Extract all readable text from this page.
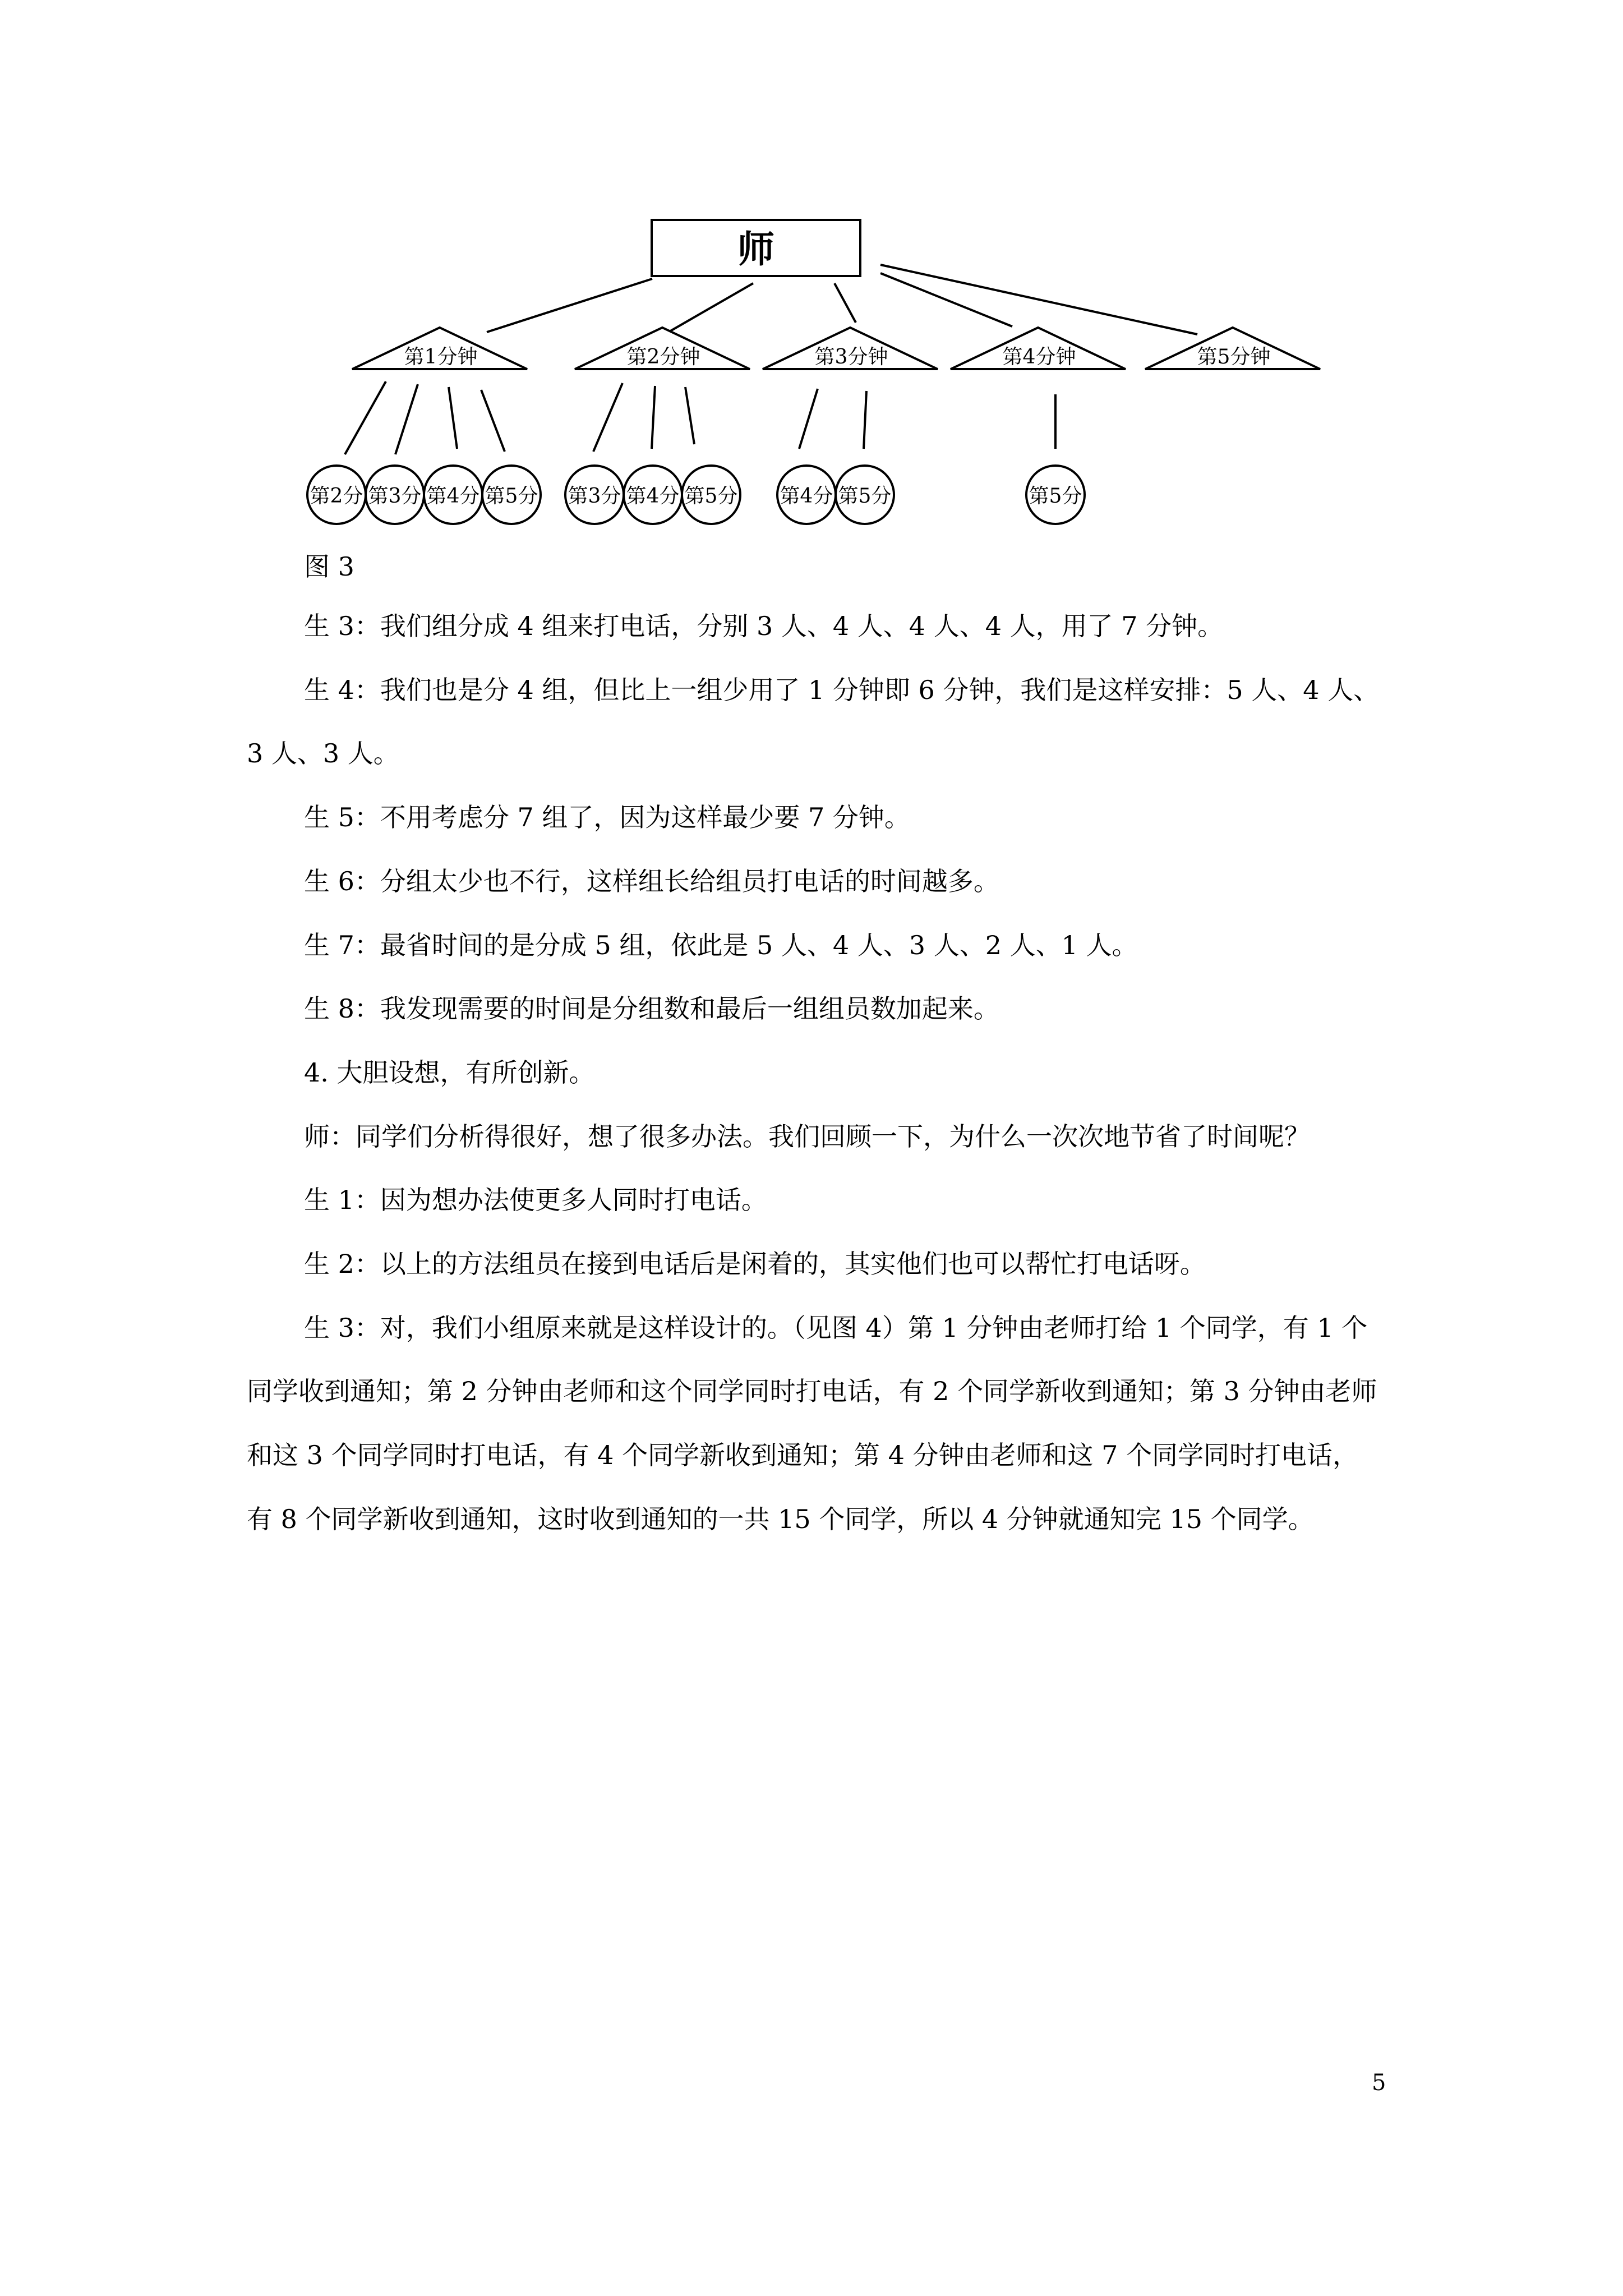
师
第1分钟	第2分钟	第3分钟	第4分钟	第5分钟
第2分 第3分 第4分 第5分 第3分 第4分 第5分 第4分 第5分	第5分
图 3

生 3：我们组分成 4 组来打电话，分别 3 人、4 人、4 人、4 人，用了 7 分钟。

生 4：我们也是分 4 组，但比上一组少用了 1 分钟即 6 分钟，我们是这样安排：5 人、4 人、3 人、3 人。

生 5：不用考虑分 7 组了，因为这样最少要 7 分钟。

生 6：分组太少也不行，这样组长给组员打电话的时间越多。

生 7：最省时间的是分成 5 组，依此是 5 人、4 人、3 人、2 人、1 人。

生 8：我发现需要的时间是分组数和最后一组组员数加起来。

4. 大胆设想，有所创新。

师：同学们分析得很好，想了很多办法。我们回顾一下，为什么一次次地节省了时间呢？

生 1：因为想办法使更多人同时打电话。

生 2：以上的方法组员在接到电话后是闲着的，其实他们也可以帮忙打电话呀。

生 3：对，我们小组原来就是这样设计的。（见图 4）第 1 分钟由老师打给 1 个同学，有 1 个同学收到通知；第 2 分钟由老师和这个同学同时打电话，有 2 个同学新收到通知；第 3 分钟由老师和这 3 个同学同时打电话，有 4 个同学新收到通知；第 4 分钟由老师和这 7 个同学同时打电话，有 8 个同学新收到通知，这时收到通知的一共 15 个同学，所以 4 分钟就通知完 15 个同学。

5
